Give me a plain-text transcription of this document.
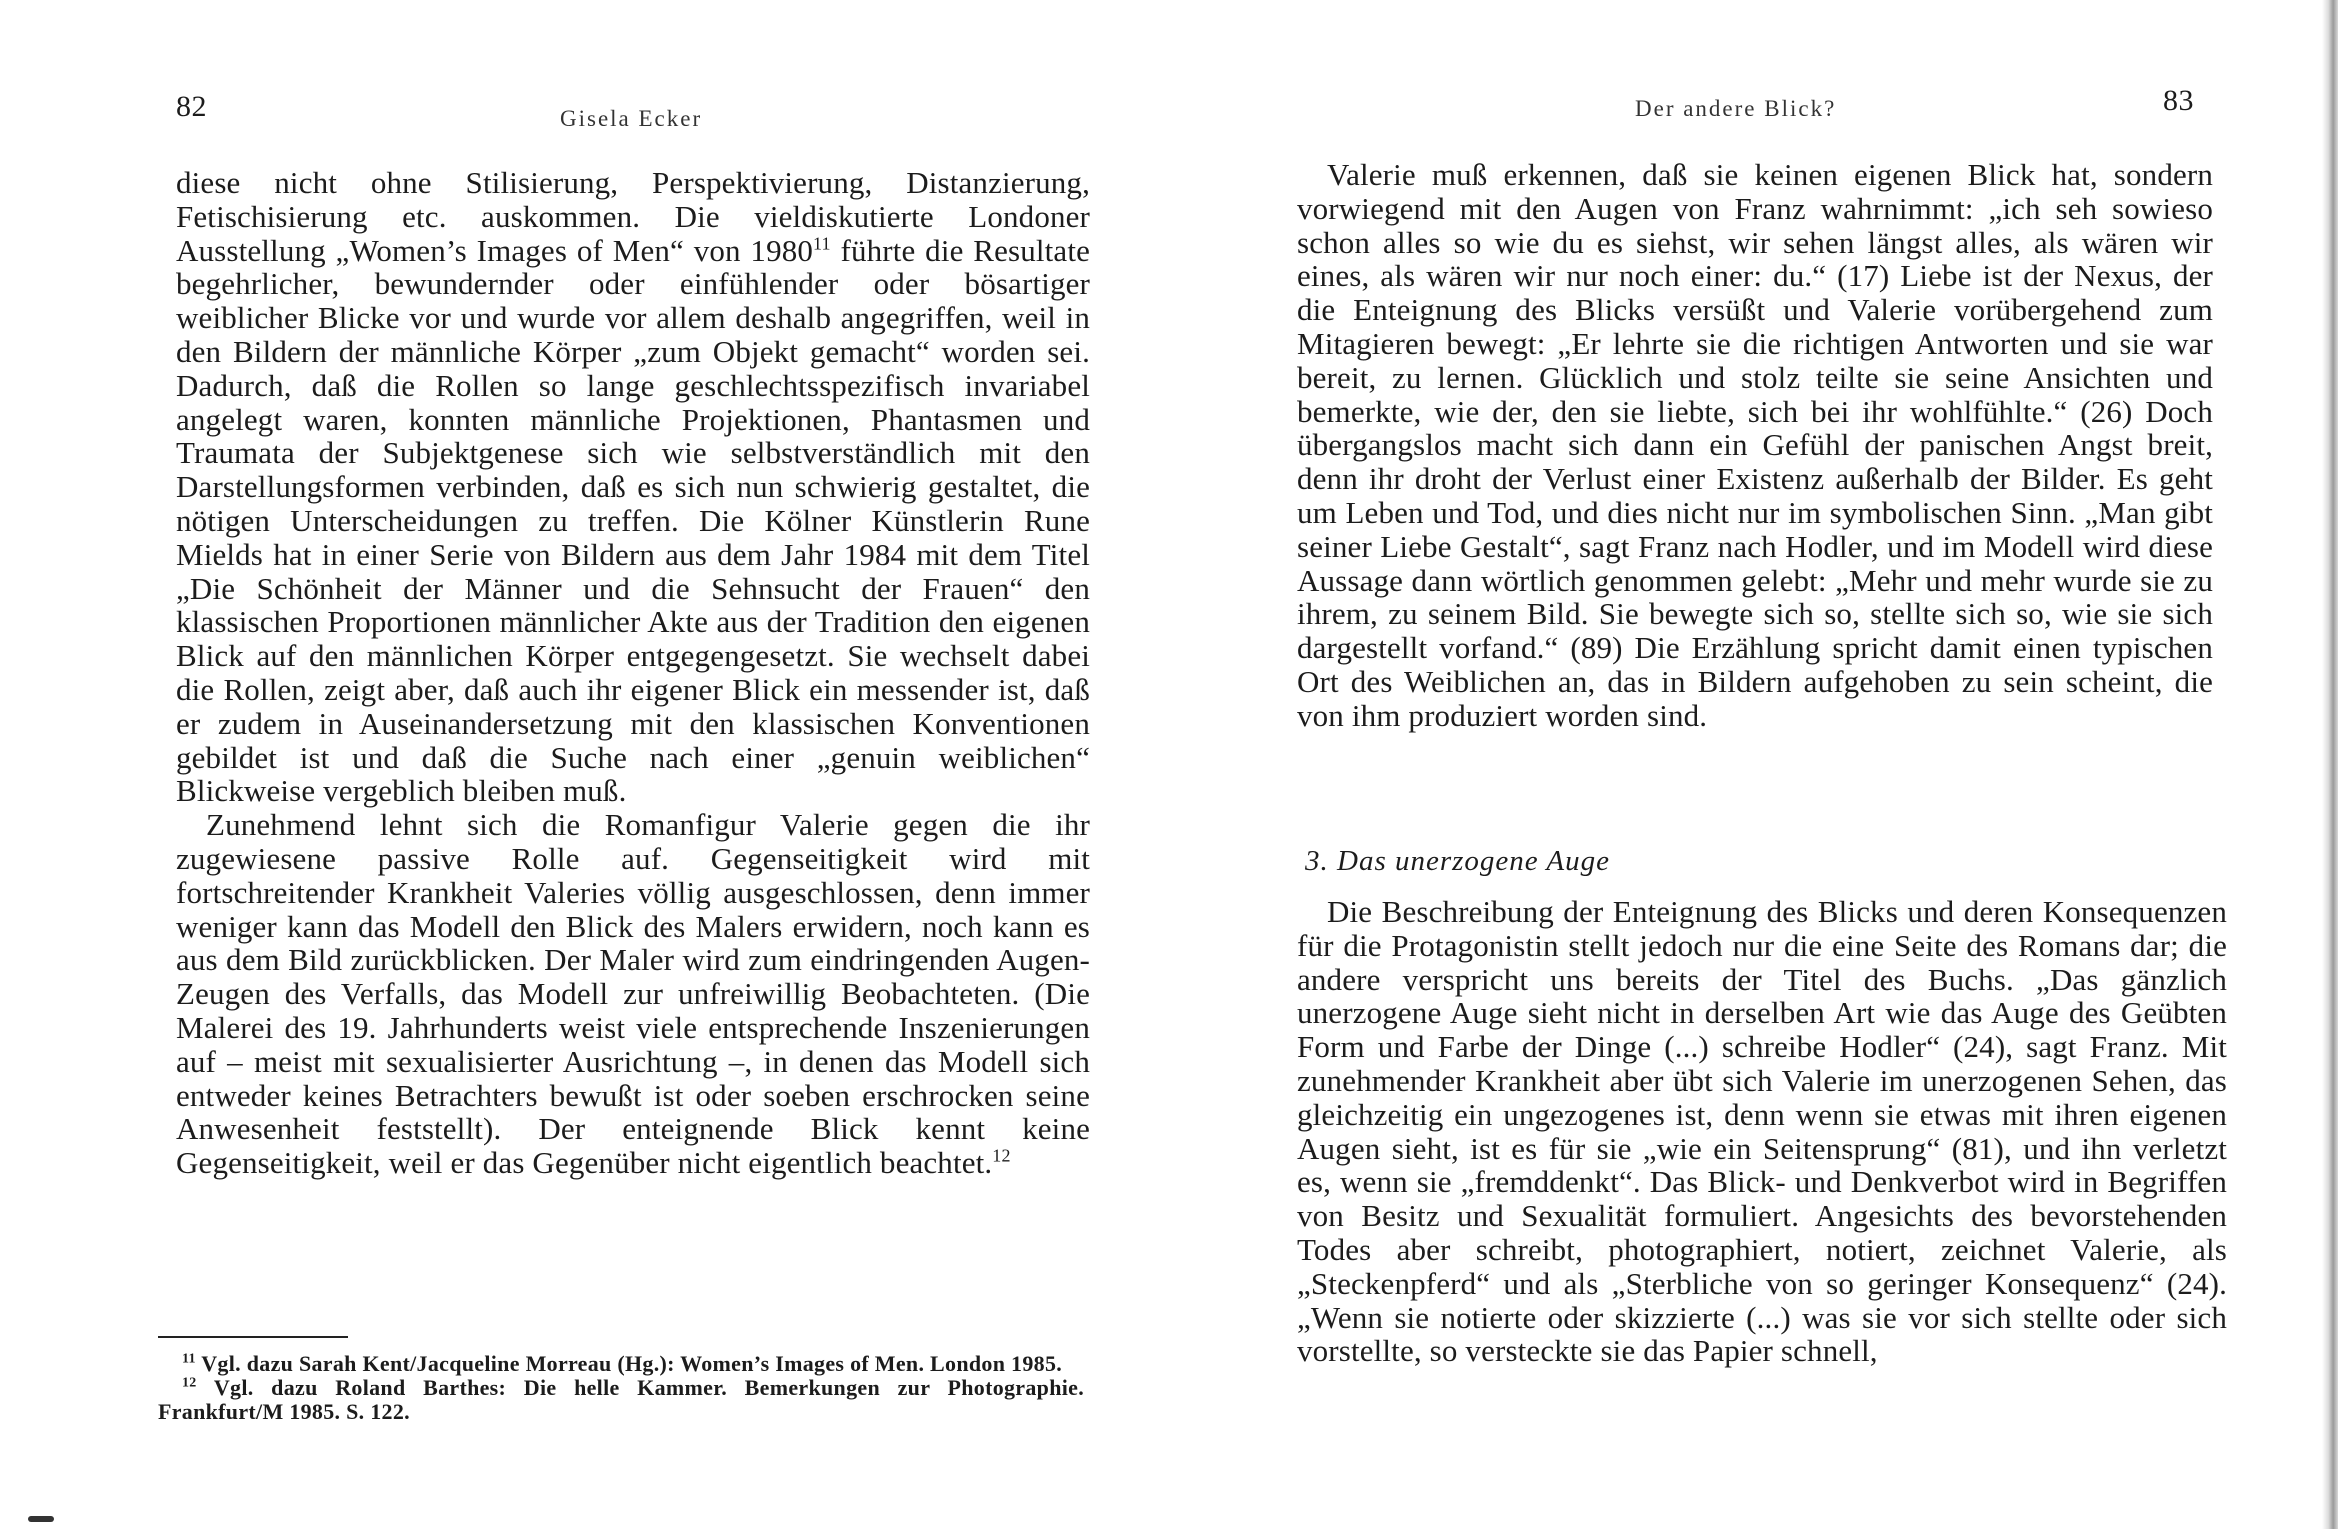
82	Gisela Ecker

diese nicht ohne Stilisierung, Perspektivierung, Distanzierung, Fetischisierung etc. auskommen. Die vieldiskutierte Londoner Ausstellung „Women’s Images of Men“ von 1980$^{11}$ führte die Resultate begehrlicher, bewundernder oder einfühlender oder bösartiger weiblicher Blicke vor und wurde vor allem deshalb angegriffen, weil in den Bildern der männliche Körper „zum Objekt gemacht“ worden sei. Dadurch, daß die Rollen so lange geschlechtsspezifisch invariabel angelegt waren, konnten männliche Projektionen, Phantasmen und Traumata der Subjektgenese sich wie selbstverständlich mit den Darstellungsformen verbinden, daß es sich nun schwierig gestaltet, die nötigen Unterscheidungen zu treffen. Die Kölner Künstlerin Rune Mields hat in einer Serie von Bildern aus dem Jahr 1984 mit dem Titel „Die Schönheit der Männer und die Sehnsucht der Frauen“ den klassischen Proportionen männlicher Akte aus der Tradition den eigenen Blick auf den männlichen Körper entgegengesetzt. Sie wechselt dabei die Rollen, zeigt aber, daß auch ihr eigener Blick ein messender ist, daß er zudem in Auseinandersetzung mit den klassischen Konventionen gebildet ist und daß die Suche nach einer „genuin weiblichen“ Blickweise vergeblich bleiben muß.

Zunehmend lehnt sich die Romanfigur Valerie gegen die ihr zugewiesene passive Rolle auf. Gegenseitigkeit wird mit fortschreitender Krankheit Valeries völlig ausgeschlossen, denn immer weniger kann das Modell den Blick des Malers erwidern, noch kann es aus dem Bild zurückblicken. Der Maler wird zum eindringenden Augen-Zeugen des Verfalls, das Modell zur unfreiwillig Beobachteten. (Die Malerei des 19. Jahrhunderts weist viele entsprechende Inszenierungen auf – meist mit sexualisierter Ausrichtung –, in denen das Modell sich entweder keines Betrachters bewußt ist oder soeben erschrocken seine Anwesenheit feststellt). Der enteignende Blick kennt keine Gegenseitigkeit, weil er das Gegenüber nicht eigentlich beachtet.$^{12}$

$^{11}$ Vgl. dazu Sarah Kent/Jacqueline Morreau (Hg.): Women’s Images of Men. London 1985.

$^{12}$ Vgl. dazu Roland Barthes: Die helle Kammer. Bemerkungen zur Photographie. Frankfurt/M 1985. S. 122.

Der andere Blick?	83

Valerie muß erkennen, daß sie keinen eigenen Blick hat, sondern vorwiegend mit den Augen von Franz wahrnimmt: „ich seh sowieso schon alles so wie du es siehst, wir sehen längst alles, als wären wir eines, als wären wir nur noch einer: du.“ (17) Liebe ist der Nexus, der die Enteignung des Blicks versüßt und Valerie vorübergehend zum Mitagieren bewegt: „Er lehrte sie die richtigen Antworten und sie war bereit, zu lernen. Glücklich und stolz teilte sie seine Ansichten und bemerkte, wie der, den sie liebte, sich bei ihr wohlfühlte.“ (26) Doch übergangslos macht sich dann ein Gefühl der panischen Angst breit, denn ihr droht der Verlust einer Existenz außerhalb der Bilder. Es geht um Leben und Tod, und dies nicht nur im symbolischen Sinn. „Man gibt seiner Liebe Gestalt“, sagt Franz nach Hodler, und im Modell wird diese Aussage dann wörtlich genommen gelebt: „Mehr und mehr wurde sie zu ihrem, zu seinem Bild. Sie bewegte sich so, stellte sich so, wie sie sich dargestellt vorfand.“ (89) Die Erzählung spricht damit einen typischen Ort des Weiblichen an, das in Bildern aufgehoben zu sein scheint, die von ihm produziert worden sind.

3. Das unerzogene Auge

Die Beschreibung der Enteignung des Blicks und deren Konsequenzen für die Protagonistin stellt jedoch nur die eine Seite des Romans dar; die andere verspricht uns bereits der Titel des Buchs. „Das gänzlich unerzogene Auge sieht nicht in derselben Art wie das Auge des Geübten Form und Farbe der Dinge (...) schreibe Hodler“ (24), sagt Franz. Mit zunehmender Krankheit aber übt sich Valerie im unerzogenen Sehen, das gleichzeitig ein ungezogenes ist, denn wenn sie etwas mit ihren eigenen Augen sieht, ist es für sie „wie ein Seitensprung“ (81), und ihn verletzt es, wenn sie „fremddenkt“. Das Blick- und Denkverbot wird in Begriffen von Besitz und Sexualität formuliert. Angesichts des bevorstehenden Todes aber schreibt, photographiert, notiert, zeichnet Valerie, als „Steckenpferd“ und als „Sterbliche von so geringer Konsequenz“ (24). „Wenn sie notierte oder skizzierte (...) was sie vor sich stellte oder sich vorstellte, so versteckte sie das Papier schnell,
